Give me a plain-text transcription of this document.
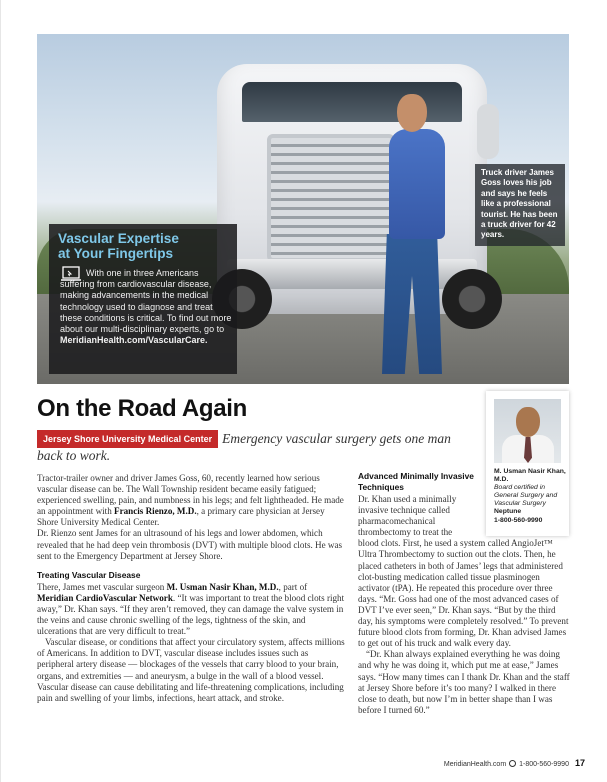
Truck driver James Goss loves his job and says he feels like a professional tourist. He has been a truck driver for 42 years.
Vascular Expertise
at Your Fingertips
With one in three Americans suffering from cardiovascular disease, making advancements in the medical technology used to diagnose and treat these conditions is critical. To find out more about our multi-disciplinary experts, go to MeridianHealth.com/VascularCare.
On the Road Again
Jersey Shore University Medical Center Emergency vascular surgery gets one man back to work.

Tractor-trailer owner and driver James Goss, 60, recently learned how serious vascular disease can be. The Wall Township resident became easily fatigued; experienced swelling, pain, and numbness in his legs; and felt lightheaded. He made an appointment with Francis Rienzo, M.D., a primary care physician at Jersey Shore University Medical Center.

Dr. Rienzo sent James for an ultrasound of his legs and lower abdomen, which revealed that he had deep vein thrombosis (DVT) with multiple blood clots. He was sent to the Emergency Department at Jersey Shore.

Treating Vascular Disease

There, James met vascular surgeon M. Usman Nasir Khan, M.D., part of Meridian CardioVascular Network. “It was important to treat the blood clots right away,” Dr. Khan says. “If they aren’t removed, they can damage the valve system in the veins and cause chronic swelling of the legs, tightness of the skin, and ulcerations that are very difficult to treat.”

Vascular disease, or conditions that affect your circulatory system, affects millions of Americans. In addition to DVT, vascular disease includes issues such as peripheral artery disease — blockages of the vessels that carry blood to your brain, organs, and extremities — and aneurysm, a bulge in the wall of a blood vessel. Vascular disease can cause debilitating and life-threatening complications, including pain and swelling of your limbs, infections, heart attack, and stroke.

Advanced Minimally Invasive Techniques

Dr. Khan used a minimally invasive technique called pharmacomechanical thrombectomy to treat the

blood clots. First, he used a system called AngioJet™ Ultra Thrombectomy to suction out the clots. Then, he placed catheters in both of James’ legs that administered clot-busting medication called tissue plasminogen activator (tPA). He repeated this procedure over three days. “Mr. Goss had one of the most advanced cases of DVT I’ve ever seen,” Dr. Khan says. “But by the third day, his symptoms were completely resolved.” To prevent future blood clots from forming, Dr. Khan advised James to get out of his truck and walk every day.

“Dr. Khan always explained everything he was doing and why he was doing it, which put me at ease,” James says. “How many times can I thank Dr. Khan and the staff at Jersey Shore before it’s too many? I walked in there close to death, but now I’m in better shape than I was before I turned 60.”

M. Usman Nasir Khan, M.D.
Board certified in General Surgery and Vascular Surgery
Neptune
1-800-560-9990
MeridianHealth.com 1-800-560-9990 17
